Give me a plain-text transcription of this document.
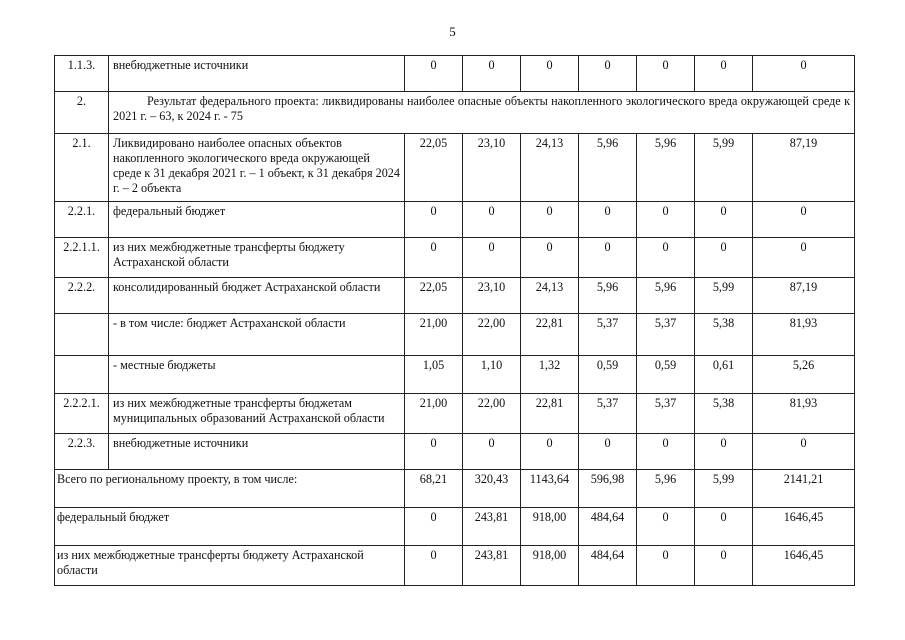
5
1.1.3.	внебюджетные источники	0	0	0	0	0	0	0
2.	Результат федерального проекта: ликвидированы наиболее опасные объекты накопленного экологического вреда окружающей среде к 2021 г. – 63, к 2024 г. - 75							
2.1.	Ликвидировано наиболее опасных объектов накопленного экологического вреда окружающей среде к 31 декабря 2021 г. – 1 объект, к 31 декабря 2024 г. – 2 объекта	22,05	23,10	24,13	5,96	5,96	5,99	87,19
2.2.1.	федеральный бюджет	0	0	0	0	0	0	0
2.2.1.1.	из них межбюджетные трансферты бюджету Астраханской области	0	0	0	0	0	0	0
2.2.2.	консолидированный бюджет Астраханской области	22,05	23,10	24,13	5,96	5,96	5,99	87,19
	- в том числе: бюджет Астраханской области	21,00	22,00	22,81	5,37	5,37	5,38	81,93
	- местные бюджеты	1,05	1,10	1,32	0,59	0,59	0,61	5,26
2.2.2.1.	из них межбюджетные трансферты бюджетам муниципальных образований Астраханской области	21,00	22,00	22,81	5,37	5,37	5,38	81,93
2.2.3.	внебюджетные источники	0	0	0	0	0	0	0
Всего по региональному проекту, в том числе:		68,21	320,43	1143,64	596,98	5,96	5,99	2141,21
федеральный бюджет		0	243,81	918,00	484,64	0	0	1646,45
из них межбюджетные трансферты бюджету Астраханской области		0	243,81	918,00	484,64	0	0	1646,45
